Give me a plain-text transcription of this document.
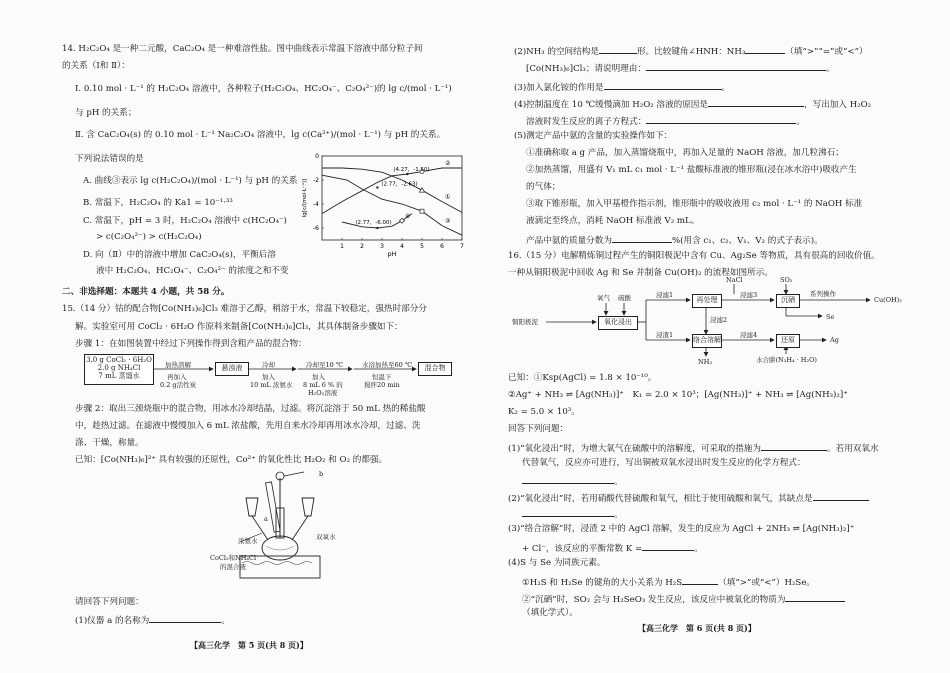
14. H₂C₂O₄ 是一种二元酸，CaC₂O₄ 是一种难溶性盐。图中曲线表示常温下溶液中部分粒子间
的关系（Ⅰ和 Ⅱ）：
Ⅰ. 0.10 mol · L⁻¹ 的 H₂C₂O₄ 溶液中，各种粒子(H₂C₂O₄、HC₂O₄⁻、C₂O₄²⁻)的 lg c/(mol · L⁻¹)
与 pH 的关系；
Ⅱ. 含 CaC₂O₄(s) 的 0.10 mol · L⁻¹ Na₂C₂O₄ 溶液中，lg c(Ca²⁺)/(mol · L⁻¹) 与 pH 的关系。
下列说法错误的是
A. 曲线③表示 lg c(H₂C₂O₄)/(mol · L⁻¹) 与 pH 的关系
B. 常温下，H₂C₂O₄ 的 Ka1 = 10⁻¹·³³
C. 常温下，pH = 3 时，H₂C₂O₄ 溶液中 c(HC₂O₄⁻)
> c(C₂O₄²⁻) > c(H₂C₂O₄)
D. 向（Ⅱ）中的溶液中增加 CaC₂O₄(s)，平衡后溶
液中 H₂C₂O₄、HC₂O₄⁻、C₂O₄²⁻ 的浓度之和不变
1	2	3	4	5	6	7
0
-2
-4
-6
pH
lg[c/(mol·L⁻¹)]	①
②
③
④
(4.27，-1.50)
(2.77，-2.63)
(2.77，-6.00)
二、非选择题：本题共 4 小题，共 58 分。
15.（14 分）钴的配合物[Co(NH₃)₆]Cl₃ 难溶于乙醇，稍溶于水，常温下较稳定，强热时部分分
解。实验室可用 CoCl₂ · 6H₂O 作原料来制备[Co(NH₃)₆]Cl₃，其具体制备步骤如下：
步骤 1：在如图装置中经过下列操作得到含粗产品的混合物：
3.0 g CoCl₂ · 6H₂O
2.0 g NH₄Cl
7 mL 蒸馏水
加热溶解
再加入
0.2 g活性炭
悬浊液	冷却
加入
10 mL 浓氨水
冷却至10 ℃
加入
8 mL 6 % 的
H₂O₂溶液
水浴加热至60 ℃
恒温下
搅拌20 min
混合物
步骤 2：取出三颈烧瓶中的混合物，用冰水冷却结晶，过滤。将沉淀溶于 50 mL 热的稀盐酸
中，趁热过滤。在滤液中慢慢加入 6 mL 浓盐酸，先用自来水冷却再用冰水冷却，过滤、洗
涤、干燥，称量。
已知：[Co(NH₃)₆]²⁺ 具有较强的还原性，Co²⁺ 的氧化性比 H₂O₂ 和 O₂ 的都强。
a
b
浓氨水	双氧水
CoCl₂和NH₄Cl
的混合液
请回答下列问题：
(1)仪器 a 的名称为	。
【高三化学　第 5 页(共 8 页)】
(2)NH₃ 的空间结构是	形。比较键角∠HNH：NH₃	（填“>”“=”或“<”）
[Co(NH₃)₆]Cl₃；请说明理由：	。
(3)加入氯化铵的作用是	。
(4)控制温度在 10 ℃缓慢滴加 H₂O₂ 溶液的原因是	，写出加入 H₂O₂
溶液时发生反应的离子方程式：	。
(5)测定产品中氨的含量的实验操作如下：
①准确称取 a g 产品，加入蒸馏烧瓶中，再加入足量的 NaOH 溶液，加几粒沸石；
②加热蒸馏，用盛有 V₁ mL c₁ mol · L⁻¹ 盐酸标准液的锥形瓶(浸在冰水浴中)吸收产生
的气体；
③取下锥形瓶，加入甲基橙作指示剂，锥形瓶中的吸收液用 c₂ mol · L⁻¹ 的 NaOH 标准
液滴定至终点，消耗 NaOH 标准液 V₂ mL。
产品中氨的质量分数为	%(用含 c₁、c₂、V₁、V₂ 的式子表示)。
16.（15 分）电解精炼铜过程产生的铜阳极泥中含有 Cu、Ag₂Se 等物质，具有很高的回收价值。
一种从铜阳极泥中回收 Ag 和 Se 并制备 Cu(OH)₂ 的流程如图所示。
氧气 硫酸
NaCl	SO₂
铜阳极泥	氧化浸出
浸滤1
再处理
浸滤3
沉硒
系列操作
Cu(OH)₂
Se
浸滤2
浸渣1
络合溶解
浸滤4
还原	Ag
NH₃	水合肼(N₂H₄ · H₂O)
已知：①Ksp(AgCl) = 1.8 × 10⁻¹⁰。
②Ag⁺ + NH₃ ⇌ [Ag(NH₃)]⁺　K₁ = 2.0 × 10³；[Ag(NH₃)]⁺ + NH₃ ⇌ [Ag(NH₃)₂]⁺
K₂ = 5.0 × 10³。
回答下列问题：
(1)“氧化浸出”时，为增大氧气在硫酸中的溶解度，可采取的措施为	。若用双氧水
代替氧气，反应亦可进行，写出铜被双氧水浸出时发生反应的化学方程式：
。
(2)“氧化浸出”时，若用硝酸代替硫酸和氧气，相比于使用硫酸和氧气，其缺点是
。
(3)“络合溶解”时，浸渣 2 中的 AgCl 溶解，发生的反应为 AgCl + 2NH₃ ⇌ [Ag(NH₃)₂]⁺
+ Cl⁻，该反应的平衡常数 K =	。
(4)S 与 Se 为同族元素。
①H₂S 和 H₂Se 的键角的大小关系为 H₂S	（填“>”或“<”）H₂Se。
②“沉硒”时，SO₂ 会与 H₂SeO₃ 发生反应，该反应中被氧化的物质为
（填化学式）。
【高三化学　第 6 页(共 8 页)】
